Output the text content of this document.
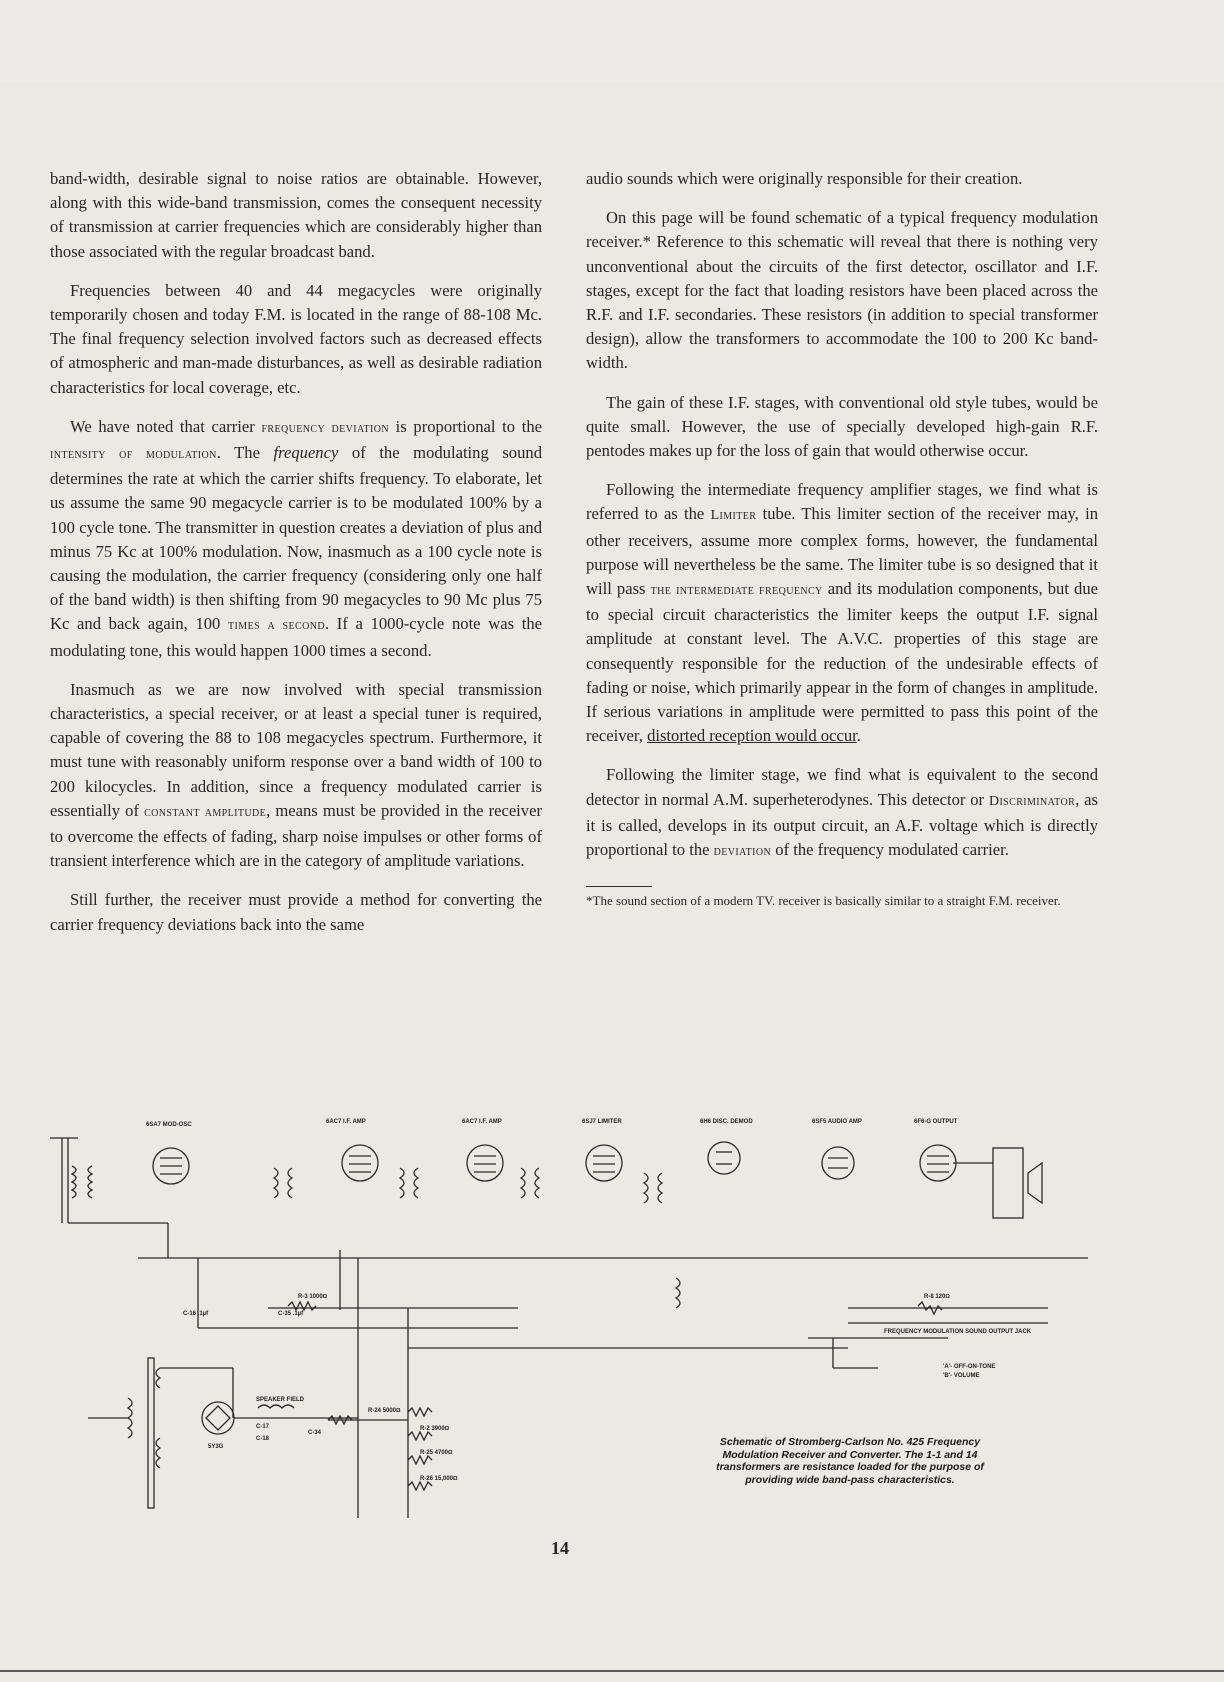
band-width, desirable signal to noise ratios are obtainable. However, along with this wide-band transmission, comes the consequent necessity of transmission at carrier frequencies which are considerably higher than those associated with the regular broadcast band.

Frequencies between 40 and 44 megacycles were originally temporarily chosen and today F.M. is located in the range of 88-108 Mc. The final frequency selection involved factors such as decreased effects of atmospheric and man-made disturbances, as well as desirable radiation characteristics for local coverage, etc.

We have noted that carrier frequency deviation is proportional to the intensity of modulation. The frequency of the modulating sound determines the rate at which the carrier shifts frequency. To elaborate, let us assume the same 90 megacycle carrier is to be modulated 100% by a 100 cycle tone. The transmitter in question creates a deviation of plus and minus 75 Kc at 100% modulation. Now, inasmuch as a 100 cycle note is causing the modulation, the carrier frequency (considering only one half of the band width) is then shifting from 90 megacycles to 90 Mc plus 75 Kc and back again, 100 times a second. If a 1000-cycle note was the modulating tone, this would happen 1000 times a second.

Inasmuch as we are now involved with special transmission characteristics, a special receiver, or at least a special tuner is required, capable of covering the 88 to 108 megacycles spectrum. Furthermore, it must tune with reasonably uniform response over a band width of 100 to 200 kilocycles. In addition, since a frequency modulated carrier is essentially of constant amplitude, means must be provided in the receiver to overcome the effects of fading, sharp noise impulses or other forms of transient interference which are in the category of amplitude variations.

Still further, the receiver must provide a method for converting the carrier frequency deviations back into the same

audio sounds which were originally responsible for their creation.

On this page will be found schematic of a typical frequency modulation receiver.* Reference to this schematic will reveal that there is nothing very unconventional about the circuits of the first detector, oscillator and I.F. stages, except for the fact that loading resistors have been placed across the R.F. and I.F. secondaries. These resistors (in addition to special transformer design), allow the transformers to accommodate the 100 to 200 Kc band-width.

The gain of these I.F. stages, with conventional old style tubes, would be quite small. However, the use of specially developed high-gain R.F. pentodes makes up for the loss of gain that would otherwise occur.

Following the intermediate frequency amplifier stages, we find what is referred to as the Limiter tube. This limiter section of the receiver may, in other receivers, assume more complex forms, however, the fundamental purpose will nevertheless be the same. The limiter tube is so designed that it will pass the intermediate frequency and its modulation components, but due to special circuit characteristics the limiter keeps the output I.F. signal amplitude at constant level. The A.V.C. properties of this stage are consequently responsible for the reduction of the undesirable effects of fading or noise, which primarily appear in the form of changes in amplitude. If serious variations in amplitude were permitted to pass this point of the receiver, distorted reception would occur.

Following the limiter stage, we find what is equivalent to the second detector in normal A.M. superheterodynes. This detector or Discriminator, as it is called, develops in its output circuit, an A.F. voltage which is directly proportional to the deviation of the frequency modulated carrier.

*The sound section of a modern TV. receiver is basically similar to a straight F.M. receiver.

6SA7 MOD-OSC	6AC7 I.F. AMP	6AC7 I.F. AMP	6SJ7 LIMITER	6H6 DISC. DEMOD	6SF5 AUDIO AMP	6F6-G OUTPUT
FREQUENCY MODULATION SOUND OUTPUT JACK
'A'- OFF-ON-TONE
'B'- VOLUME
SPEAKER FIELD
R-3 1000Ω	R-8 120Ω
C-16 .1µf	C-35 .1µf
R-24 5000Ω
R-2 3900Ω
R-25 4700Ω
R-26 15,000Ω
C-17
C-18
C-34
5Y3G	Schematic of Stromberg-Carlson No. 425 Frequency Modulation Receiver and Converter. The 1-1 and 14 transformers are resistance loaded for the purpose of providing wide band-pass characteristics.
14
